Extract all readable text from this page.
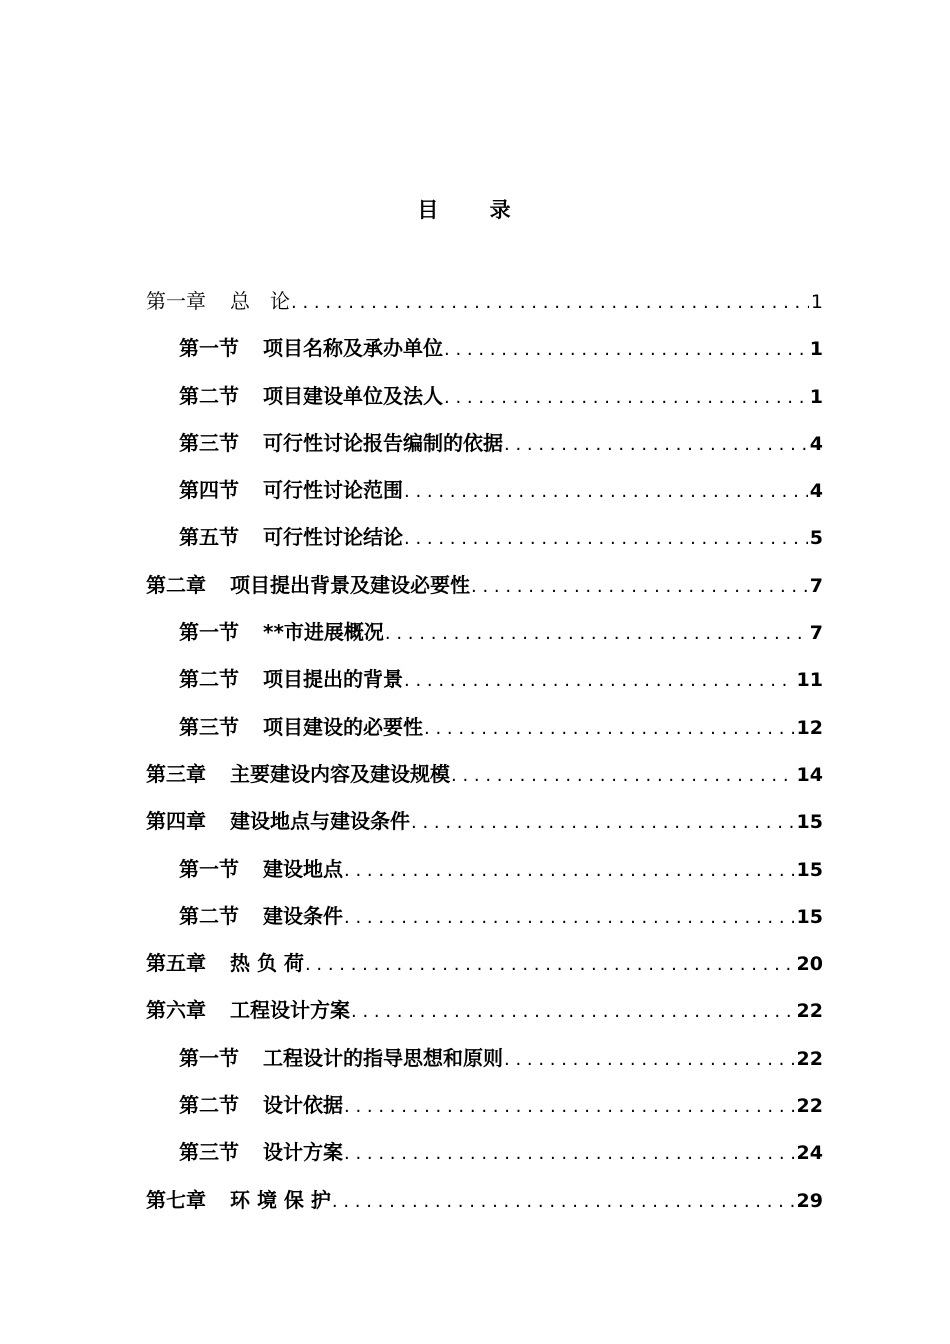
目 录
第一章 总　论 . . .	1
第一节 项目名称及承办单位 . . .	1
第二节 项目建设单位及法人 . . .	1
第三节 可行性讨论报告编制的依据 . . .	4
第四节 可行性讨论范围 . . .	4
第五节 可行性讨论结论 . . .	5
第二章 项目提出背景及建设必要性 . . .	7
第一节 **市进展概况 . . .	7
第二节 项目提出的背景 . . .	11
第三节 项目建设的必要性 . . .	12
第三章 主要建设内容及建设规模 . . .	14
第四章 建设地点与建设条件 . . .	15
第一节 建设地点 . . .	15
第二节 建设条件 . . .	15
第五章 热 负 荷 . . .	20
第六章 工程设计方案 . . .	22
第一节 工程设计的指导思想和原则 . . .	22
第二节 设计依据 . . .	22
第三节 设计方案 . . .	24
第七章 环 境 保 护 . . .	29
